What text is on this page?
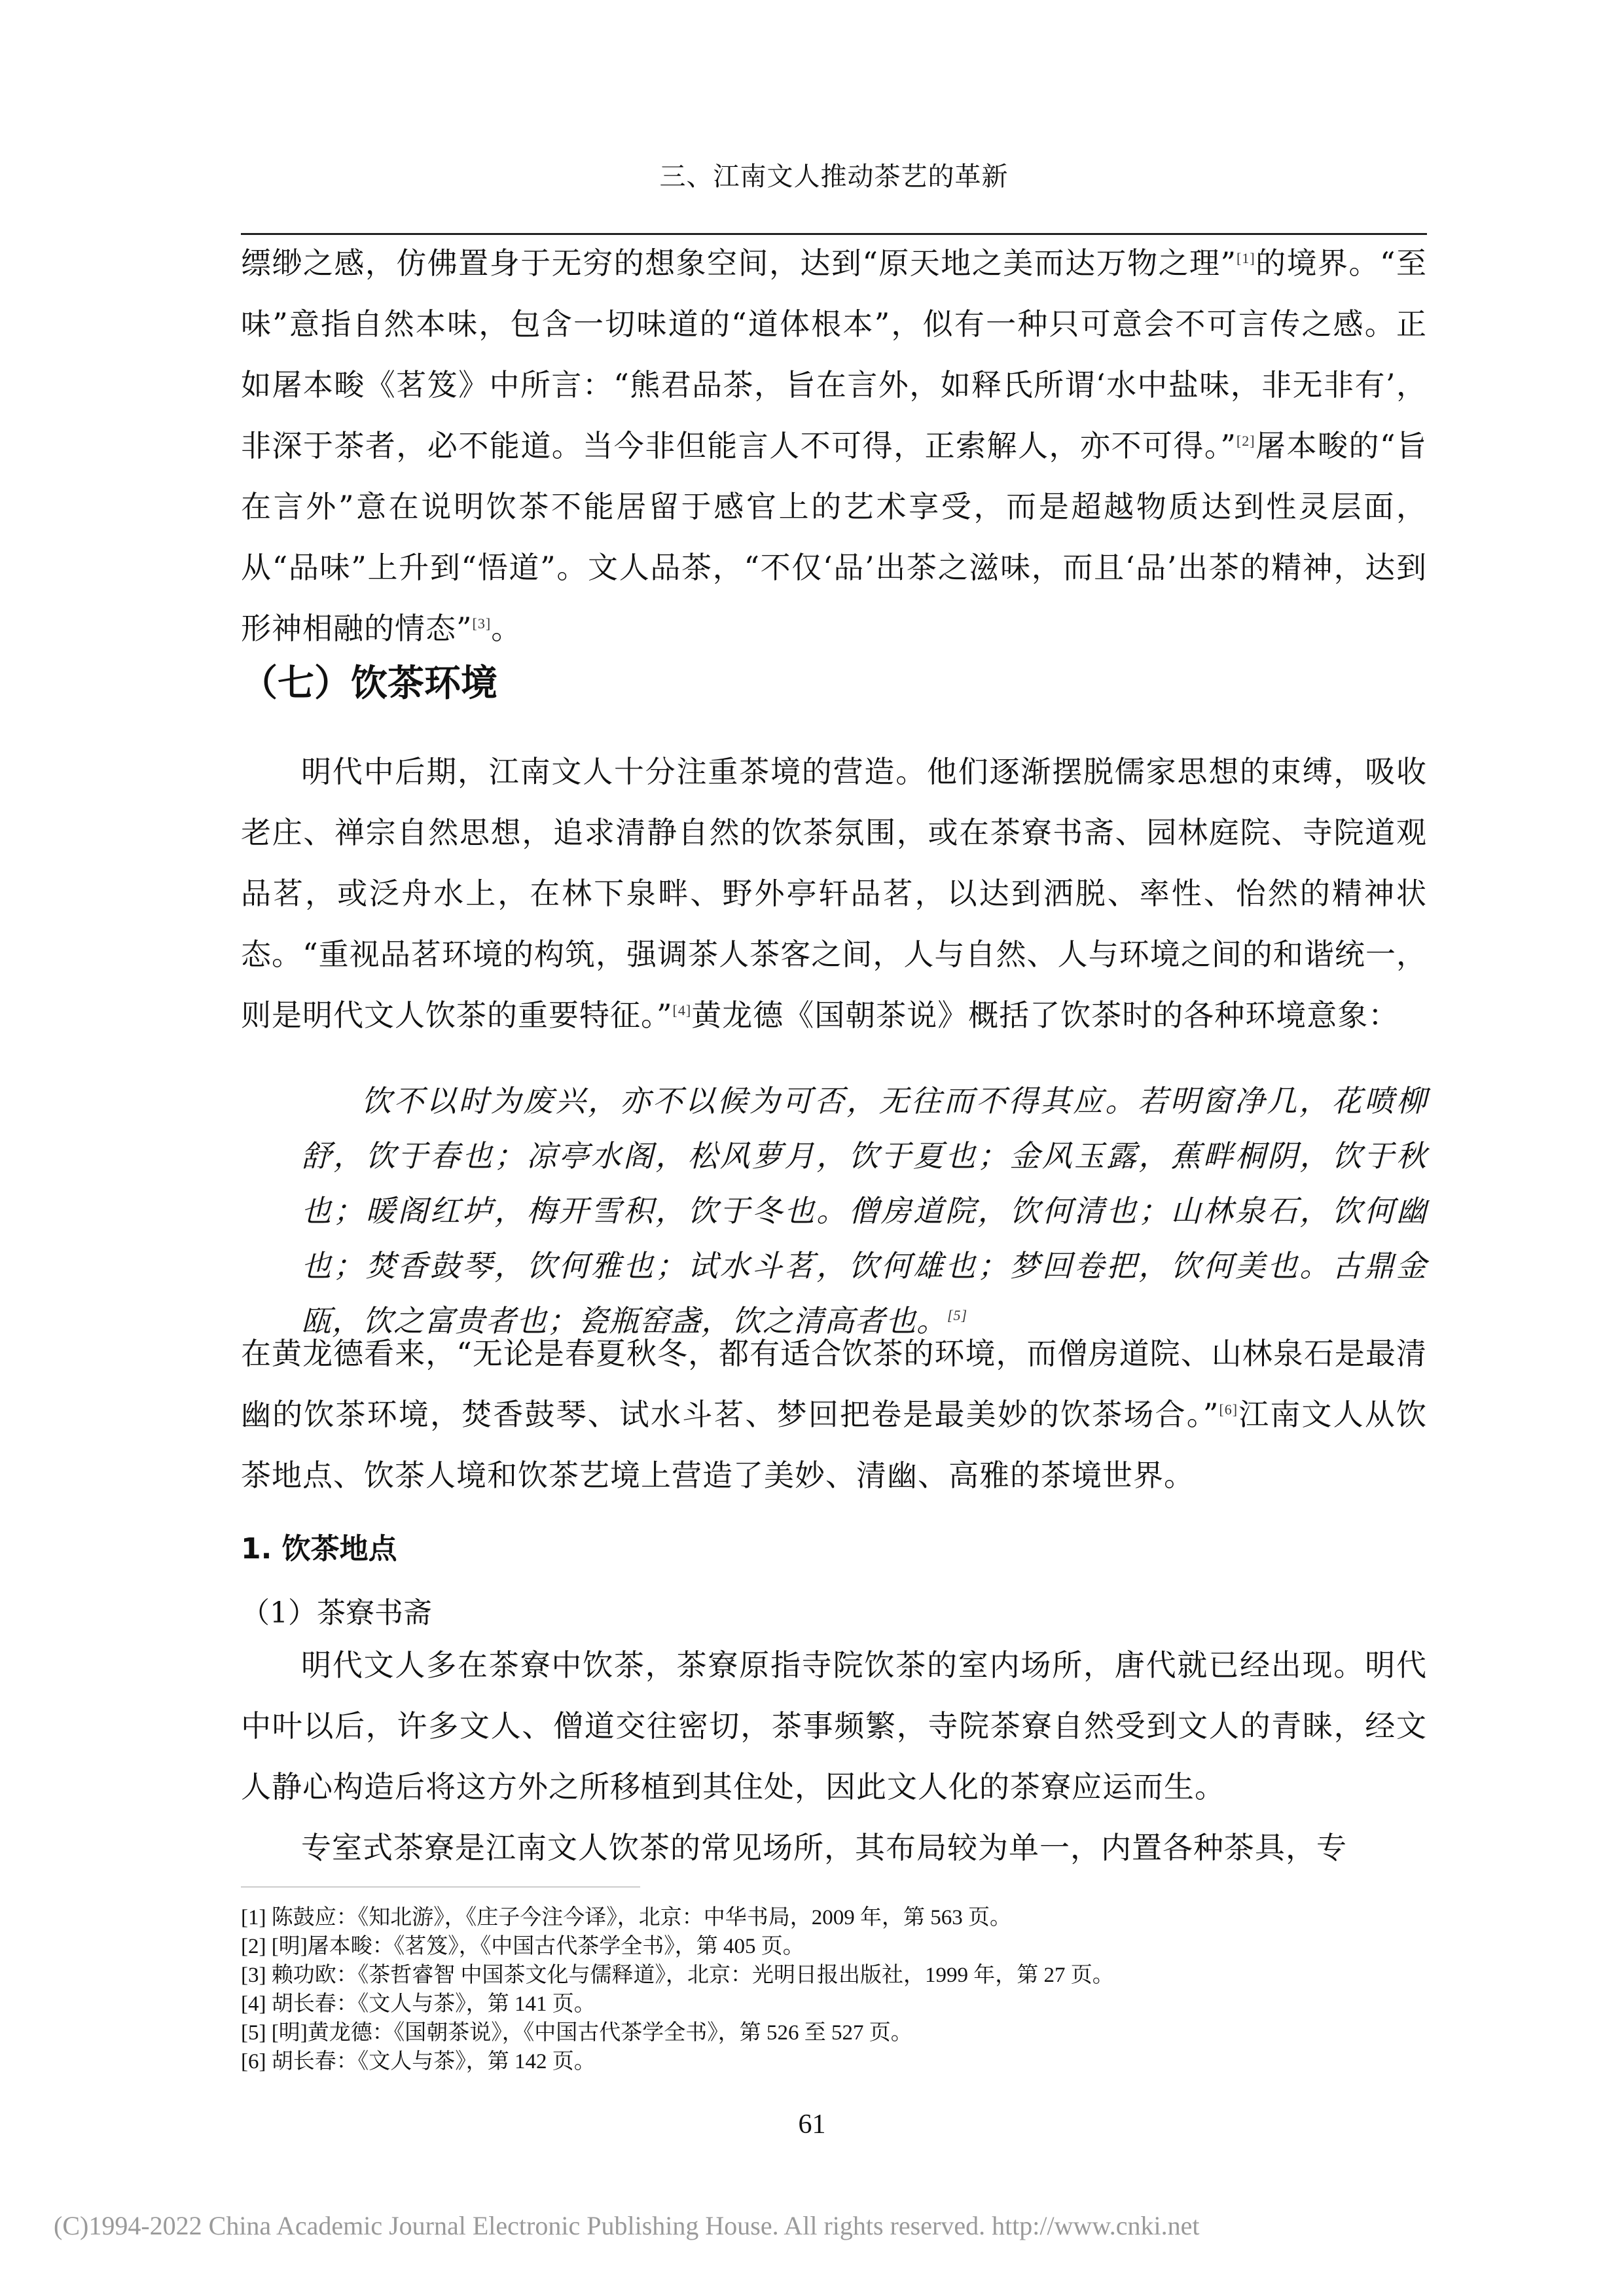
三、江南文人推动茶艺的革新

缥缈之感，仿佛置身于无穷的想象空间，达到“原天地之美而达万物之理”[1]的境界。“至味”意指自然本味，包含一切味道的“道体根本”，似有一种只可意会不可言传之感。正如屠本畯《茗笈》中所言：“熊君品茶，旨在言外，如释氏所谓‘水中盐味，非无非有’，非深于茶者，必不能道。当今非但能言人不可得，正索解人，亦不可得。”[2]屠本畯的“旨在言外”意在说明饮茶不能居留于感官上的艺术享受，而是超越物质达到性灵层面，从“品味”上升到“悟道”。文人品茶，“不仅‘品’出茶之滋味，而且‘品’出茶的精神，达到形神相融的情态”[3]。

（七）饮茶环境

明代中后期，江南文人十分注重茶境的营造。他们逐渐摆脱儒家思想的束缚，吸收老庄、禅宗自然思想，追求清静自然的饮茶氛围，或在茶寮书斋、园林庭院、寺院道观品茗，或泛舟水上，在林下泉畔、野外亭轩品茗，以达到洒脱、率性、怡然的精神状态。“重视品茗环境的构筑，强调茶人茶客之间，人与自然、人与环境之间的和谐统一，则是明代文人饮茶的重要特征。”[4]黄龙德《国朝茶说》概括了饮茶时的各种环境意象：

饮不以时为废兴，亦不以候为可否，无往而不得其应。若明窗净几，花喷柳舒，饮于春也；凉亭水阁，松风萝月，饮于夏也；金风玉露，蕉畔桐阴，饮于秋也；暖阁红垆，梅开雪积，饮于冬也。僧房道院，饮何清也；山林泉石，饮何幽也；焚香鼓琴，饮何雅也；试水斗茗，饮何雄也；梦回卷把，饮何美也。古鼎金瓯，饮之富贵者也；瓷瓶窑盏，饮之清高者也。[5]

在黄龙德看来，“无论是春夏秋冬，都有适合饮茶的环境，而僧房道院、山林泉石是最清幽的饮茶环境，焚香鼓琴、试水斗茗、梦回把卷是最美妙的饮茶场合。”[6]江南文人从饮茶地点、饮茶人境和饮茶艺境上营造了美妙、清幽、高雅的茶境世界。

1. 饮茶地点
（1）茶寮书斋

明代文人多在茶寮中饮茶，茶寮原指寺院饮茶的室内场所，唐代就已经出现。明代中叶以后，许多文人、僧道交往密切，茶事频繁，寺院茶寮自然受到文人的青睐，经文人静心构造后将这方外之所移植到其住处，因此文人化的茶寮应运而生。

专室式茶寮是江南文人饮茶的常见场所，其布局较为单一，内置各种茶具，专

[1] 陈鼓应：《知北游》，《庄子今注今译》，北京：中华书局，2009 年，第 563 页。
[2] [明]屠本畯：《茗笈》，《中国古代茶学全书》，第 405 页。
[3] 赖功欧：《茶哲睿智 中国茶文化与儒释道》，北京：光明日报出版社，1999 年，第 27 页。
[4] 胡长春：《文人与茶》，第 141 页。
[5] [明]黄龙德：《国朝茶说》，《中国古代茶学全书》，第 526 至 527 页。
[6] 胡长春：《文人与茶》，第 142 页。
61
(C)1994-2022 China Academic Journal Electronic Publishing House. All rights reserved. http://www.cnki.net
